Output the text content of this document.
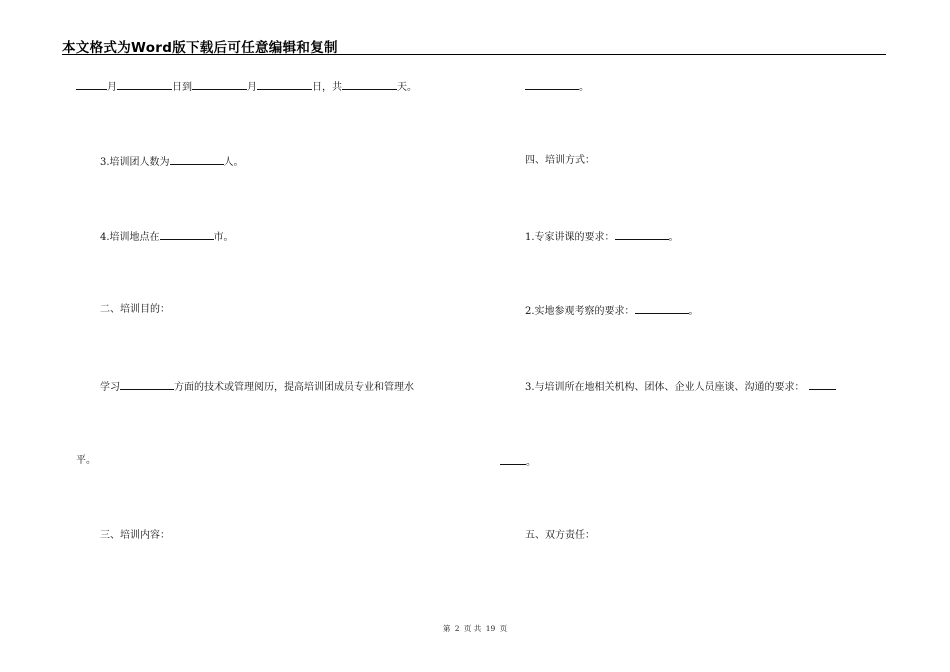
本文格式为Word版下载后可任意编辑和复制
月	日到	月	日，共	天。
3.培训团人数为	人。
4.培训地点在	市。
二、培训目的：
学习	方面的技术或管理阅历，提高培训团成员专业和管理水
平。
三、培训内容：
。
四、培训方式：
1.专家讲课的要求：	。
2.实地参观考察的要求：	。
3.与培训所在地相关机构、团体、企业人员座谈、沟通的要求：
。
五、双方责任：
第 2 页 共 19 页
